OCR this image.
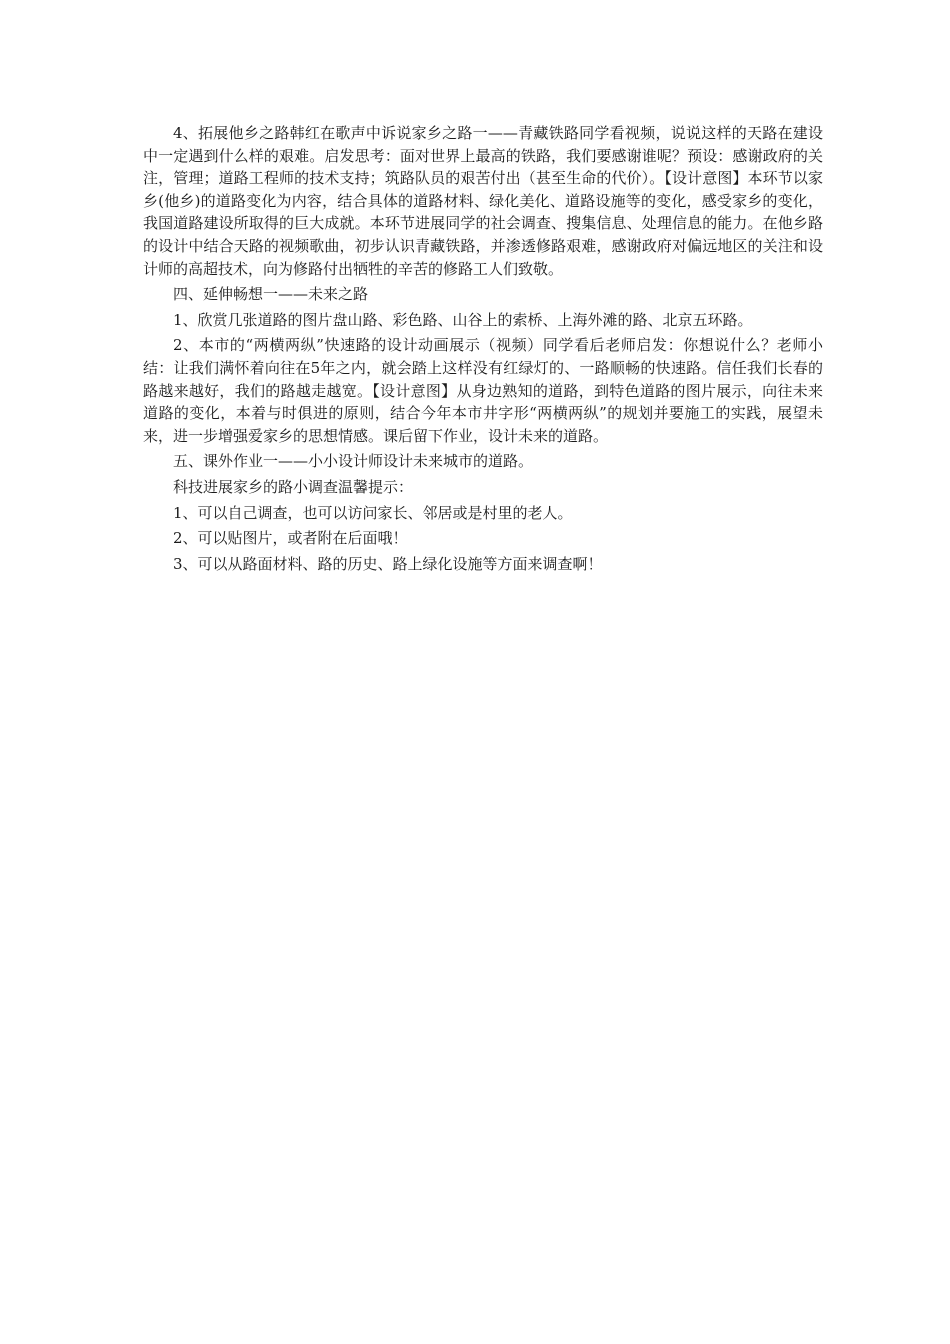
4、拓展他乡之路韩红在歌声中诉说家乡之路一——青藏铁路同学看视频，说说这样的天路在建设中一定遇到什么样的艰难。启发思考：面对世界上最高的铁路，我们要感谢谁呢？预设：感谢政府的关注，管理；道路工程师的技术支持；筑路队员的艰苦付出（甚至生命的代价）。【设计意图】本环节以家乡(他乡)的道路变化为内容，结合具体的道路材料、绿化美化、道路设施等的变化，感受家乡的变化，我国道路建设所取得的巨大成就。本环节进展同学的社会调查、搜集信息、处理信息的能力。在他乡路的设计中结合天路的视频歌曲，初步认识青藏铁路，并渗透修路艰难，感谢政府对偏远地区的关注和设计师的高超技术，向为修路付出牺牲的辛苦的修路工人们致敬。

四、延伸畅想一——未来之路

1、欣赏几张道路的图片盘山路、彩色路、山谷上的索桥、上海外滩的路、北京五环路。

2、本市的“两横两纵”快速路的设计动画展示（视频）同学看后老师启发：你想说什么？老师小结：让我们满怀着向往在5年之内，就会踏上这样没有红绿灯的、一路顺畅的快速路。信任我们长春的路越来越好，我们的路越走越宽。【设计意图】从身边熟知的道路，到特色道路的图片展示，向往未来道路的变化，本着与时俱进的原则，结合今年本市井字形“两横两纵”的规划并要施工的实践，展望未来，进一步增强爱家乡的思想情感。课后留下作业，设计未来的道路。

五、课外作业一——小小设计师设计未来城市的道路。

科技进展家乡的路小调查温馨提示：

1、可以自己调查，也可以访问家长、邻居或是村里的老人。

2、可以贴图片，或者附在后面哦！

3、可以从路面材料、路的历史、路上绿化设施等方面来调查啊！
